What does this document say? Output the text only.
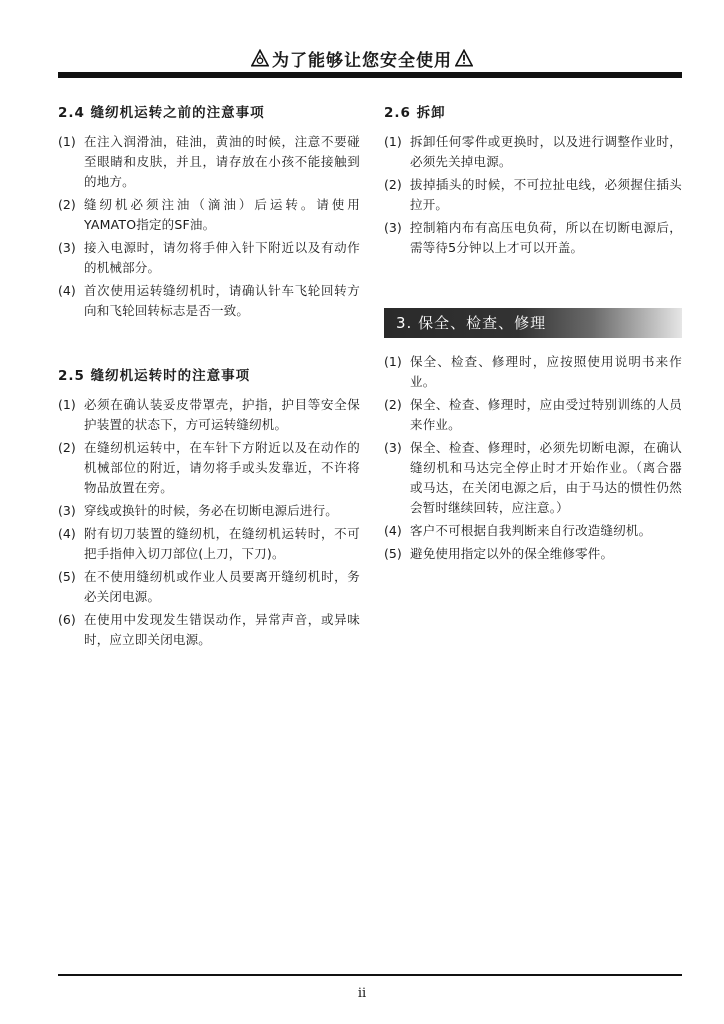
为了能够让您安全使用
2.4 缝纫机运转之前的注意事项
(1) 在注入润滑油，硅油，黄油的时候，注意不要碰至眼睛和皮肤，并且，请存放在小孩不能接触到的地方。
(2) 缝纫机必须注油（滴油）后运转。请使用YAMATO指定的SF油。
(3) 接入电源时，请勿将手伸入针下附近以及有动作的机械部分。
(4) 首次使用运转缝纫机时，请确认针车飞轮回转方向和飞轮回转标志是否一致。
2.5 缝纫机运转时的注意事项
(1) 必须在确认装妥皮带罩壳，护指，护目等安全保护装置的状态下，方可运转缝纫机。
(2) 在缝纫机运转中，在车针下方附近以及在动作的机械部位的附近，请勿将手或头发靠近，不许将物品放置在旁。
(3) 穿线或换针的时候，务必在切断电源后进行。
(4) 附有切刀装置的缝纫机，在缝纫机运转时，不可把手指伸入切刀部位(上刀，下刀)。
(5) 在不使用缝纫机或作业人员要离开缝纫机时，务必关闭电源。
(6) 在使用中发现发生错误动作，异常声音，或异味时，应立即关闭电源。
2.6 拆卸
(1) 拆卸任何零件或更换时，以及进行调整作业时，必须先关掉电源。
(2) 拔掉插头的时候，不可拉扯电线，必须握住插头拉开。
(3) 控制箱内布有高压电负荷，所以在切断电源后，需等待5分钟以上才可以开盖。
3. 保全、检查、修理
(1) 保全、检查、修理时，应按照使用说明书来作业。
(2) 保全、检查、修理时，应由受过特别训练的人员来作业。
(3) 保全、检查、修理时，必须先切断电源，在确认缝纫机和马达完全停止时才开始作业。（离合器或马达，在关闭电源之后，由于马达的惯性仍然会暂时继续回转，应注意。）
(4) 客户不可根据自我判断来自行改造缝纫机。
(5) 避免使用指定以外的保全维修零件。
ii
